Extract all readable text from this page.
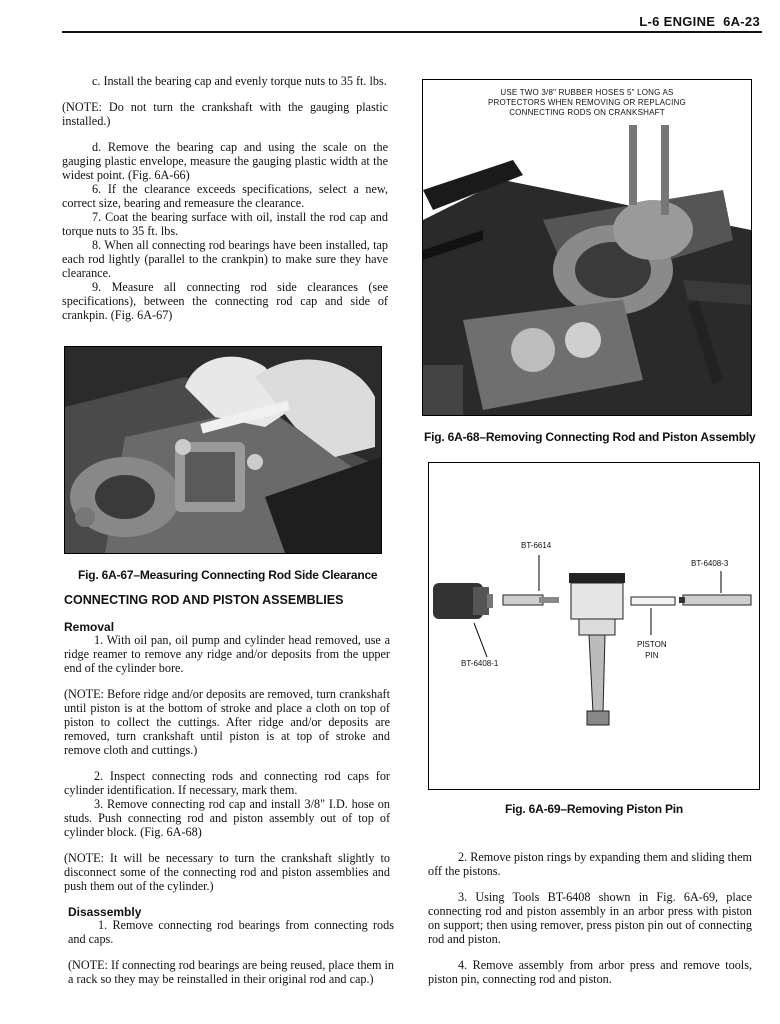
L-6 ENGINE 6A-23

c. Install the bearing cap and evenly torque nuts to 35 ft. lbs.

(NOTE: Do not turn the crankshaft with the gauging plastic installed.)

d. Remove the bearing cap and using the scale on the gauging plastic envelope, measure the gauging plastic width at the widest point. (Fig. 6A-66)

6. If the clearance exceeds specifications, select a new, correct size, bearing and remeasure the clearance.

7. Coat the bearing surface with oil, install the rod cap and torque nuts to 35 ft. lbs.

8. When all connecting rod bearings have been installed, tap each rod lightly (parallel to the crankpin) to make sure they have clearance.

9. Measure all connecting rod side clearances (see specifications), between the connecting rod cap and side of crankpin. (Fig. 6A-67)

Fig. 6A-67–Measuring Connecting Rod Side Clearance
CONNECTING ROD AND PISTON ASSEMBLIES
Removal

1. With oil pan, oil pump and cylinder head removed, use a ridge reamer to remove any ridge and/or deposits from the upper end of the cylinder bore.

(NOTE: Before ridge and/or deposits are removed, turn crankshaft until piston is at the bottom of stroke and place a cloth on top of piston to collect the cuttings. After ridge and/or deposits are removed, turn crankshaft until piston is at top of stroke and remove cloth and cuttings.)

2. Inspect connecting rods and connecting rod caps for cylinder identification. If necessary, mark them.

3. Remove connecting rod cap and install 3/8" I.D. hose on studs. Push connecting rod and piston assembly out of top of cylinder block. (Fig. 6A-68)

(NOTE: It will be necessary to turn the crankshaft slightly to disconnect some of the connecting rod and piston assemblies and push them out of the cylinder.)

Disassembly

1. Remove connecting rod bearings from connecting rods and caps.

(NOTE: If connecting rod bearings are being reused, place them in a rack so they may be reinstalled in their original rod and cap.)

USE TWO 3/8" RUBBER HOSES 5" LONG AS
PROTECTORS WHEN REMOVING OR REPLACING
CONNECTING RODS ON CRANKSHAFT
Fig. 6A-68–Removing Connecting Rod and Piston Assembly
BT-6614
BT-6408-3
BT-6408-1
PISTON
PIN
Fig. 6A-69–Removing Piston Pin

2. Remove piston rings by expanding them and sliding them off the pistons.

3. Using Tools BT-6408 shown in Fig. 6A-69, place connecting rod and piston assembly in an arbor press with piston on support; then using remover, press piston pin out of connecting rod and piston.

4. Remove assembly from arbor press and remove tools, piston pin, connecting rod and piston.
